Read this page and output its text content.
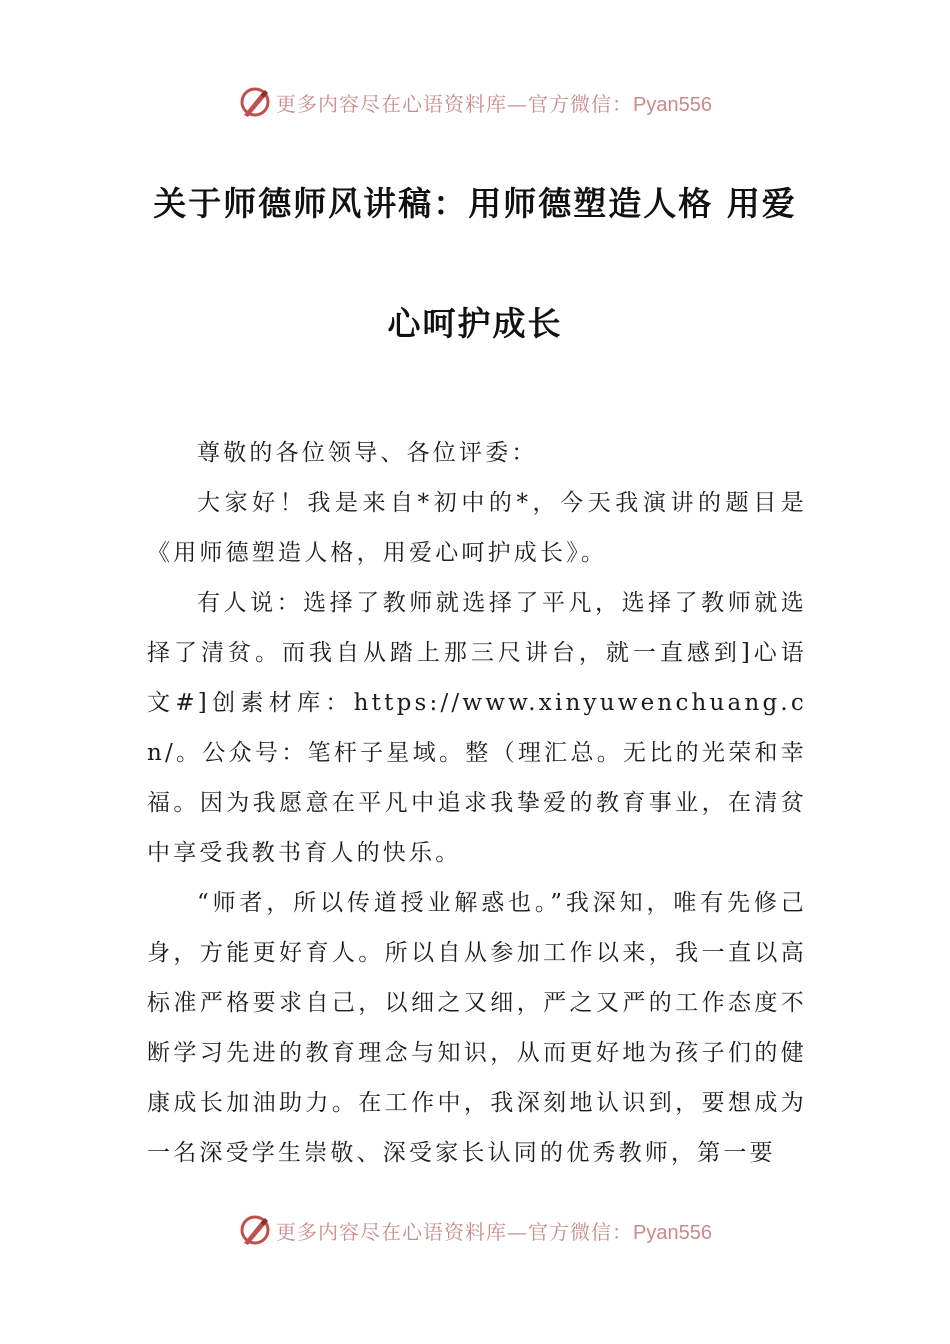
更多内容尽在心语资料库—官方微信：Pyan556
关于师德师风讲稿：用师德塑造人格 用爱
心呵护成长

尊敬的各位领导、各位评委：

大家好！我是来自*初中的*，今天我演讲的题目是《用师德塑造人格，用爱心呵护成长》。

有人说：选择了教师就选择了平凡，选择了教师就选择了清贫。而我自从踏上那三尺讲台，就一直感到]心语文#]创素材库：https://www.xinyuwenchuang.cn/。公众号：笔杆子星域。整（理汇总。无比的光荣和幸福。因为我愿意在平凡中追求我挚爱的教育事业，在清贫中享受我教书育人的快乐。

“师者，所以传道授业解惑也。”我深知，唯有先修己身，方能更好育人。所以自从参加工作以来，我一直以高标准严格要求自己，以细之又细，严之又严的工作态度不断学习先进的教育理念与知识，从而更好地为孩子们的健康成长加油助力。在工作中，我深刻地认识到，要想成为一名深受学生崇敬、深受家长认同的优秀教师，第一要

更多内容尽在心语资料库—官方微信：Pyan556
